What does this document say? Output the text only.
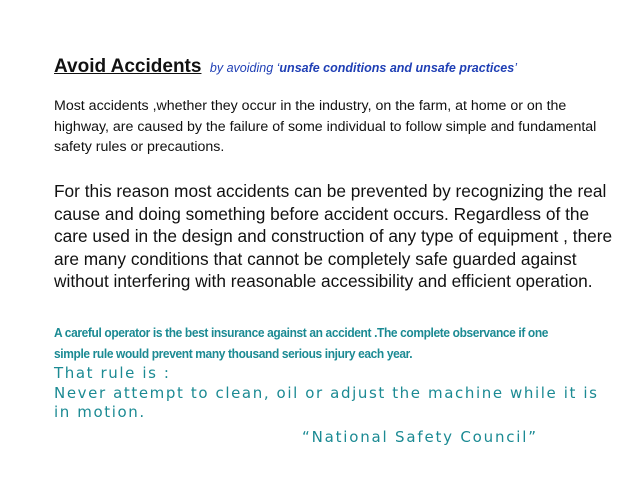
Avoid Accidents by avoiding ‘unsafe conditions and unsafe practices’
Most accidents ,whether they occur in the industry, on the farm, at home or on the highway, are caused by the failure of some individual to follow simple and fundamental safety rules or precautions.
For this reason most accidents can be prevented by recognizing the real cause and doing something before accident occurs. Regardless of the care used in the design and construction of any type of equipment , there are many conditions that cannot be completely safe guarded against without interfering with reasonable accessibility and efficient operation.
A careful operator is the best insurance against an accident .The complete observance if one simple rule would prevent many thousand serious injury each year.
That rule is :
Never attempt to clean, oil or adjust the machine while it is in motion.
“National Safety Council”
